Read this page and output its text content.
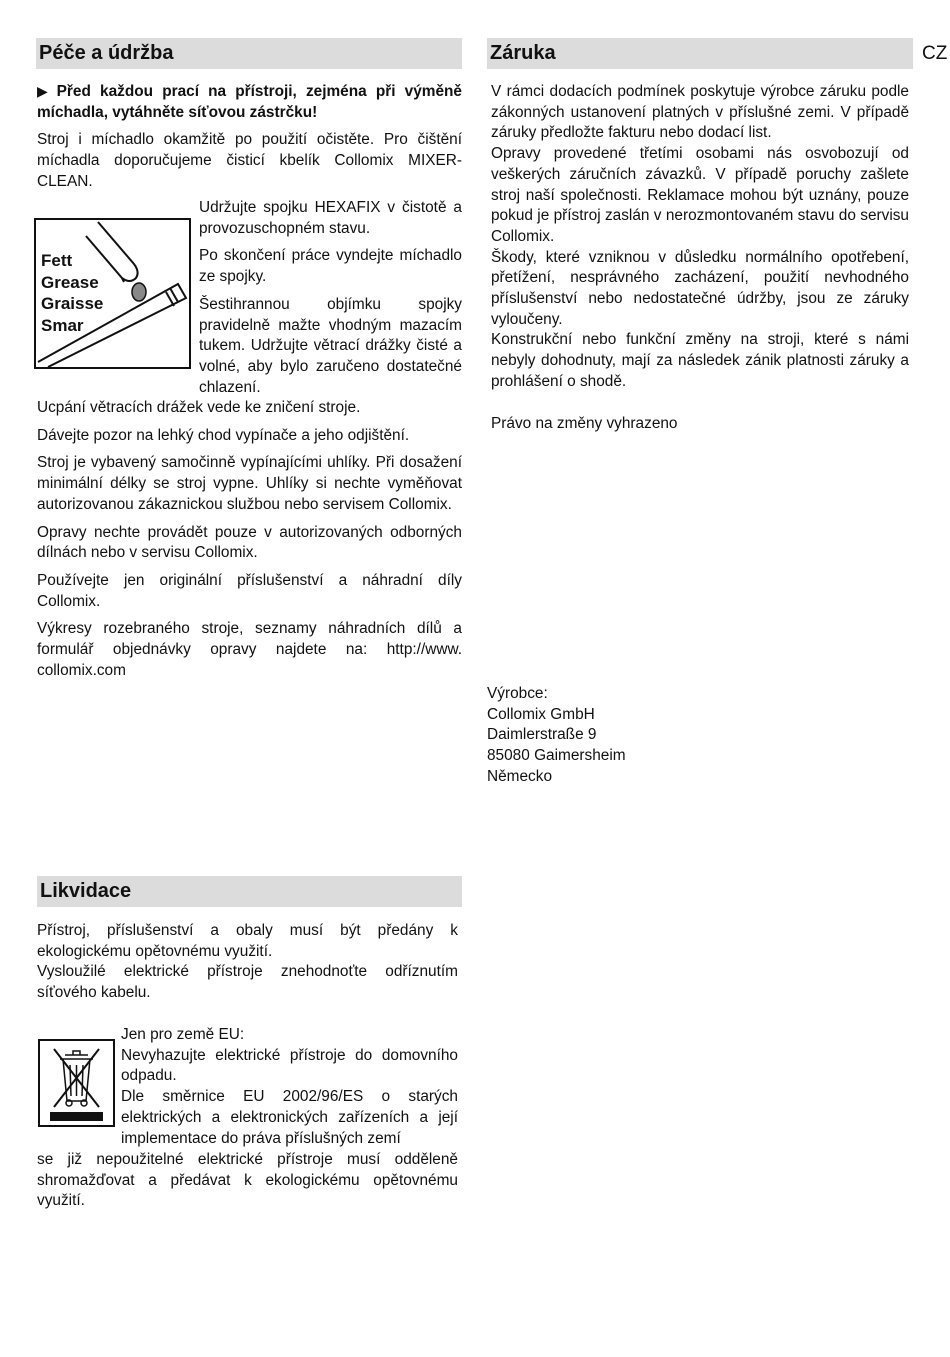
CZ
Péče a údržba

▶ Před každou prací na přístroji, zejména při výměně míchadla, vytáhněte síťovou zástrčku!

Stroj i míchadlo okamžitě po použití očistěte. Pro čištění míchadla doporučujeme čisticí kbelík Collomix MIXER-CLEAN.

Fett
Grease
Graisse
Smar

Udržujte spojku HEXAFIX v čistotě a provozuschopném stavu.

Po skončení práce vyndejte míchadlo ze spojky.

Šestihrannou objímku spojky pravidelně mažte vhodným mazacím tukem. Udržujte větrací drážky čisté a volné, aby bylo zaručeno dostatečné chlazení.

Ucpání větracích drážek vede ke zničení stroje.

Dávejte pozor na lehký chod vypínače a jeho odjištění.

Stroj je vybavený samočinně vypínajícími uhlíky. Při dosažení minimální délky se stroj vypne. Uhlíky si nechte vyměňovat autorizovanou zákaznickou službou nebo servisem Collomix.

Opravy nechte provádět pouze v autorizovaných odborných dílnách nebo v servisu Collomix.

Používejte jen originální příslušenství a náhradní díly Collomix.

Výkresy rozebraného stroje, seznamy náhradních dílů a formulář objednávky opravy najdete na: http://www. collomix.com

Záruka

V rámci dodacích podmínek poskytuje výrobce záruku podle zákonných ustanovení platných v příslušné zemi. V případě záruky předložte fakturu nebo dodací list.

Opravy provedené třetími osobami nás osvobozují od veškerých záručních závazků. V případě poruchy zašlete stroj naší společnosti. Reklamace mohou být uznány, pouze pokud je přístroj zaslán v nerozmontovaném stavu do servisu Collomix.

Škody, které vzniknou v důsledku normálního opotřebení, přetížení, nesprávného zacházení, použití nevhodného příslušenství nebo nedostatečné údržby, jsou ze záruky vyloučeny.

Konstrukční nebo funkční změny na stroji, které s námi nebyly dohodnuty, mají za následek zánik platnosti záruky a prohlášení o shodě.

Právo na změny vyhrazeno
Výrobce:
Collomix GmbH
Daimlerstraße 9
85080 Gaimersheim
Německo
Likvidace

Přístroj, příslušenství a obaly musí být předány k ekologickému opětovnému využití.

Vysloužilé elektrické přístroje znehodnoťte odříznutím síťového kabelu.

Jen pro země EU:

Nevyhazujte elektrické přístroje do domovního odpadu.

Dle směrnice EU 2002/96/ES o starých elektrických a elektronických zařízeních a její implementace do práva příslušných zemí

se již nepoužitelné elektrické přístroje musí odděleně shromažďovat a předávat k ekologickému opětovnému využití.
